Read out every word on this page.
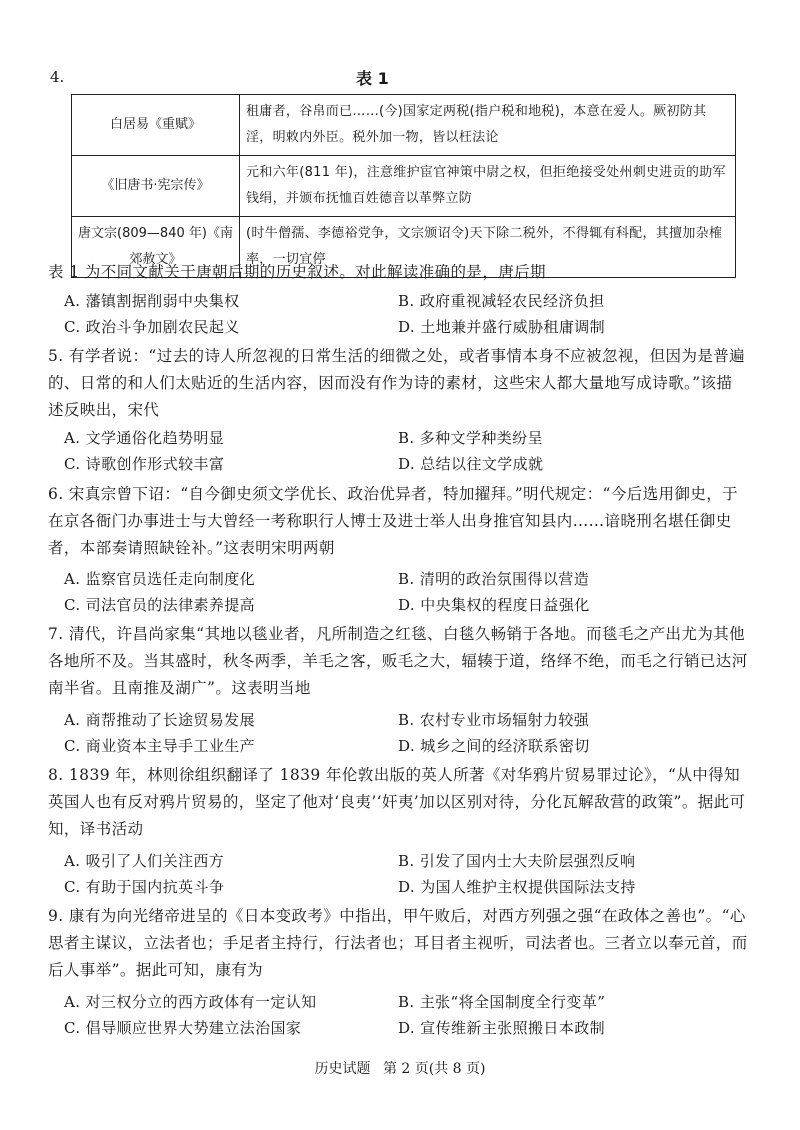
4.	表 1
白居易《重赋》	租庸者，谷帛而已……(今)国家定两税(指户税和地税)，本意在爱人。厥初防其淫，明敕内外臣。税外加一物，皆以枉法论
《旧唐书·宪宗传》	元和六年(811 年)，注意维护宦官神策中尉之权，但拒绝接受处州刺史进贡的助军钱绢，并颁布抚恤百姓德音以革弊立防
唐文宗(809—840 年)《南郊赦文》	(时牛僧孺、李德裕党争，文宗颁诏令)天下除二税外，不得辄有科配，其擅加杂榷率，一切宜停
表 1 为不同文献关于唐朝后期的历史叙述。对此解读准确的是，唐后期
A. 藩镇割据削弱中央集权	B. 政府重视减轻农民经济负担
C. 政治斗争加剧农民起义	D. 土地兼并盛行威胁租庸调制
5. 有学者说：“过去的诗人所忽视的日常生活的细微之处，或者事情本身不应被忽视，但因为是普遍的、日常的和人们太贴近的生活内容，因而没有作为诗的素材，这些宋人都大量地写成诗歌。”该描述反映出，宋代
A. 文学通俗化趋势明显	B. 多种文学种类纷呈
C. 诗歌创作形式较丰富	D. 总结以往文学成就
6. 宋真宗曾下诏：“自今御史须文学优长、政治优异者，特加擢拜。”明代规定：“今后选用御史，于在京各衙门办事进士与大曾经一考称职行人博士及进士举人出身推官知县内……谙晓刑名堪任御史者，本部奏请照缺铨补。”这表明宋明两朝
A. 监察官员选任走向制度化	B. 清明的政治氛围得以营造
C. 司法官员的法律素养提高	D. 中央集权的程度日益强化
7. 清代，许昌尚家集“其地以毯业者，凡所制造之红毯、白毯久畅销于各地。而毯毛之产出尤为其他各地所不及。当其盛时，秋冬两季，羊毛之客，贩毛之大，辐辏于道，络绎不绝，而毛之行销已达河南半省。且南推及湖广”。这表明当地
A. 商帮推动了长途贸易发展	B. 农村专业市场辐射力较强
C. 商业资本主导手工业生产	D. 城乡之间的经济联系密切
8. 1839 年，林则徐组织翻译了 1839 年伦敦出版的英人所著《对华鸦片贸易罪过论》，“从中得知英国人也有反对鸦片贸易的，坚定了他对‘良夷’‘奸夷’加以区别对待，分化瓦解敌营的政策”。据此可知，译书活动
A. 吸引了人们关注西方	B. 引发了国内士大夫阶层强烈反响
C. 有助于国内抗英斗争	D. 为国人维护主权提供国际法支持
9. 康有为向光绪帝进呈的《日本变政考》中指出，甲午败后，对西方列强之强“在政体之善也”。“心思者主谋议，立法者也；手足者主持行，行法者也；耳目者主视听，司法者也。三者立以奉元首，而后人事举”。据此可知，康有为
A. 对三权分立的西方政体有一定认知	B. 主张“将全国制度全行变革”
C. 倡导顺应世界大势建立法治国家	D. 宣传维新主张照搬日本政制
历史试题 第 2 页(共 8 页)
